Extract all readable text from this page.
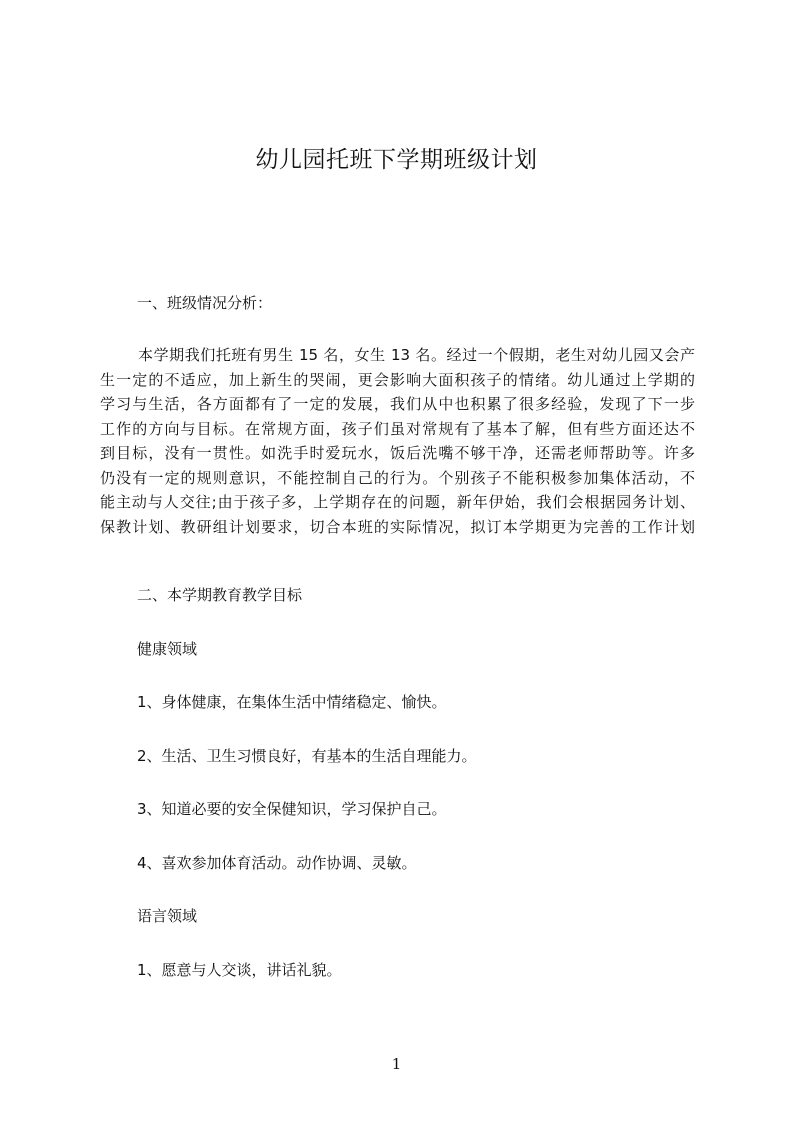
幼儿园托班下学期班级计划
一、班级情况分析：
本学期我们托班有男生 15 名，女生 13 名。经过一个假期，老生对幼儿园又会产
生一定的不适应，加上新生的哭闹，更会影响大面积孩子的情绪。幼儿通过上学期的
学习与生活，各方面都有了一定的发展，我们从中也积累了很多经验，发现了下一步
工作的方向与目标。在常规方面，孩子们虽对常规有了基本了解，但有些方面还达不
到目标，没有一贯性。如洗手时爱玩水，饭后洗嘴不够干净，还需老师帮助等。许多
仍没有一定的规则意识，不能控制自己的行为。个别孩子不能积极参加集体活动，不
能主动与人交往;由于孩子多，上学期存在的问题，新年伊始，我们会根据园务计划、
保教计划、教研组计划要求，切合本班的实际情况，拟订本学期更为完善的工作计划
二、本学期教育教学目标
健康领域
1、身体健康，在集体生活中情绪稳定、愉快。
2、生活、卫生习惯良好，有基本的生活自理能力。
3、知道必要的安全保健知识，学习保护自己。
4、喜欢参加体育活动。动作协调、灵敏。
语言领域
1、愿意与人交谈，讲话礼貌。
1
